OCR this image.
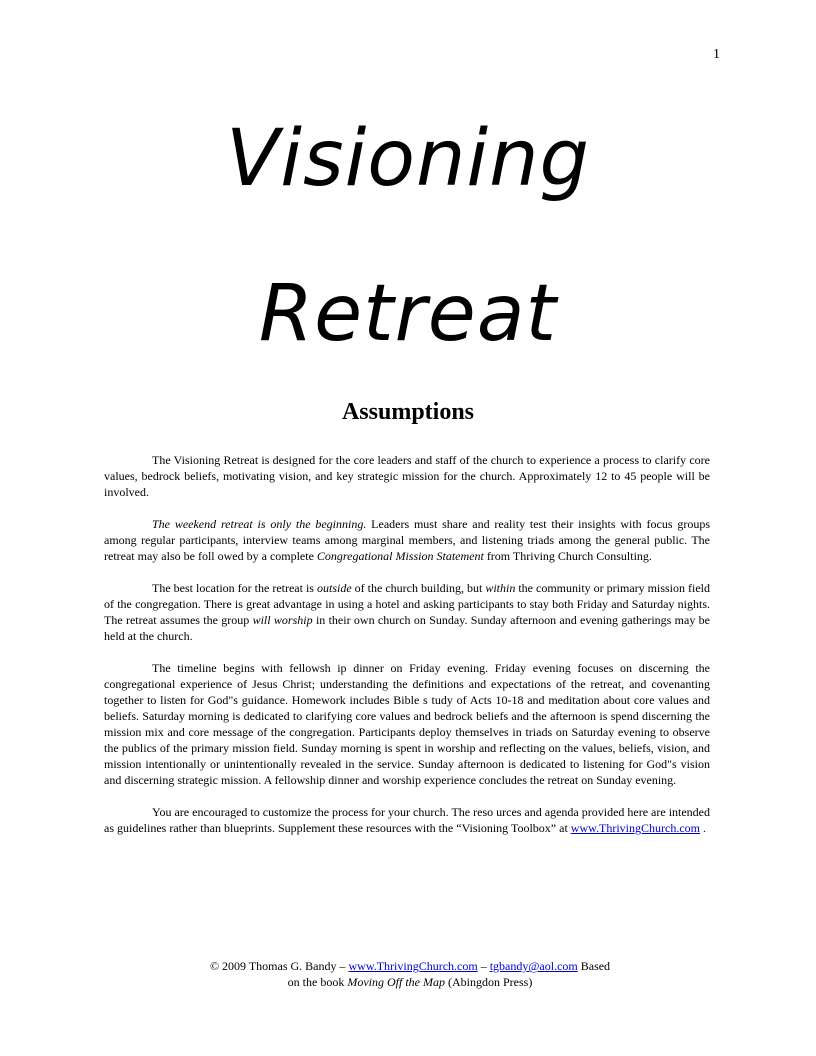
1
Visioning
Retreat
Assumptions

The Visioning Retreat is designed for the core leaders and staff of the church to experience a process to clarify core values, bedrock beliefs, motivating vision, and key strategic mission for the church. Approximately 12 to 45 people will be involved.

The weekend retreat is only the beginning. Leaders must share and reality test their insights with focus groups among regular participants, interview teams among marginal members, and listening triads among the general public. The retreat may also be foll owed by a complete Congregational Mission Statement from Thriving Church Consulting.

The best location for the retreat is outside of the church building, but within the community or primary mission field of the congregation. There is great advantage in using a hotel and asking participants to stay both Friday and Saturday nights. The retreat assumes the group will worship in their own church on Sunday. Sunday afternoon and evening gatherings may be held at the church.

The timeline begins with fellowsh ip dinner on Friday evening. Friday evening focuses on discerning the congregational experience of Jesus Christ; understanding the definitions and expectations of the retreat, and covenanting together to listen for God"s guidance. Homework includes Bible s tudy of Acts 10-18 and meditation about core values and beliefs. Saturday morning is dedicated to clarifying core values and bedrock beliefs and the afternoon is spend discerning the mission mix and core message of the congregation. Participants deploy themselves in triads on Saturday evening to observe the publics of the primary mission field. Sunday morning is spent in worship and reflecting on the values, beliefs, vision, and mission intentionally or unintentionally revealed in the service. Sunday afternoon is dedicated to listening for God"s vision and discerning strategic mission. A fellowship dinner and worship experience concludes the retreat on Sunday evening.

You are encouraged to customize the process for your church. The reso urces and agenda provided here are intended as guidelines rather than blueprints. Supplement these resources with the “Visioning Toolbox” at www.ThrivingChurch.com .

© 2009 Thomas G. Bandy – www.ThrivingChurch.com – tgbandy@aol.com Based
on the book Moving Off the Map (Abingdon Press)
